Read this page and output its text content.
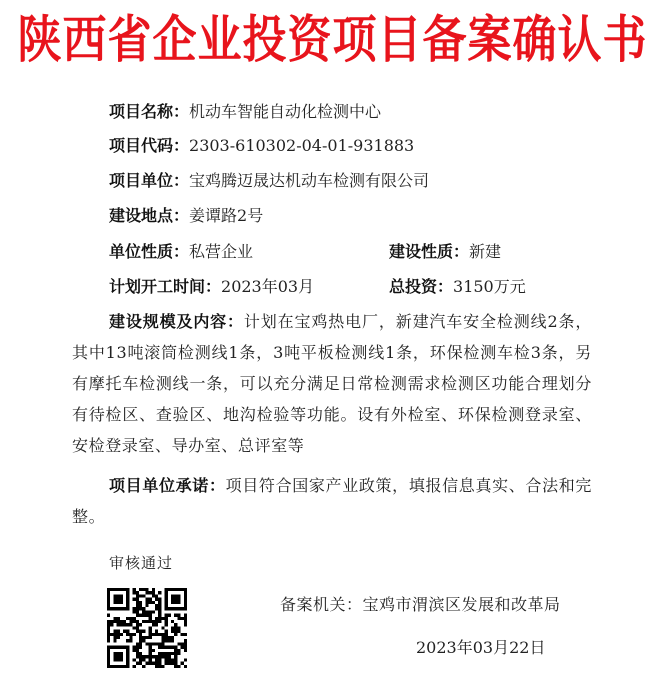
陕西省企业投资项目备案确认书
项目名称：机动车智能自动化检测中心
项目代码：2303-610302-04-01-931883
项目单位：宝鸡腾迈晟达机动车检测有限公司
建设地点：姜谭路2号
单位性质：私营企业	建设性质：新建
计划开工时间：2023年03月	总投资：3150万元
建设规模及内容：计划在宝鸡热电厂，新建汽车安全检测线2条，其中13吨滚筒检测线1条，3吨平板检测线1条，环保检测车检3条，另有摩托车检测线一条，可以充分满足日常检测需求检测区功能合理划分有待检区、查验区、地沟检验等功能。设有外检室、环保检测登录室、安检登录室、导办室、总评室等
项目单位承诺：项目符合国家产业政策，填报信息真实、合法和完整。
审核通过
备案机关：宝鸡市渭滨区发展和改革局
2023年03月22日
